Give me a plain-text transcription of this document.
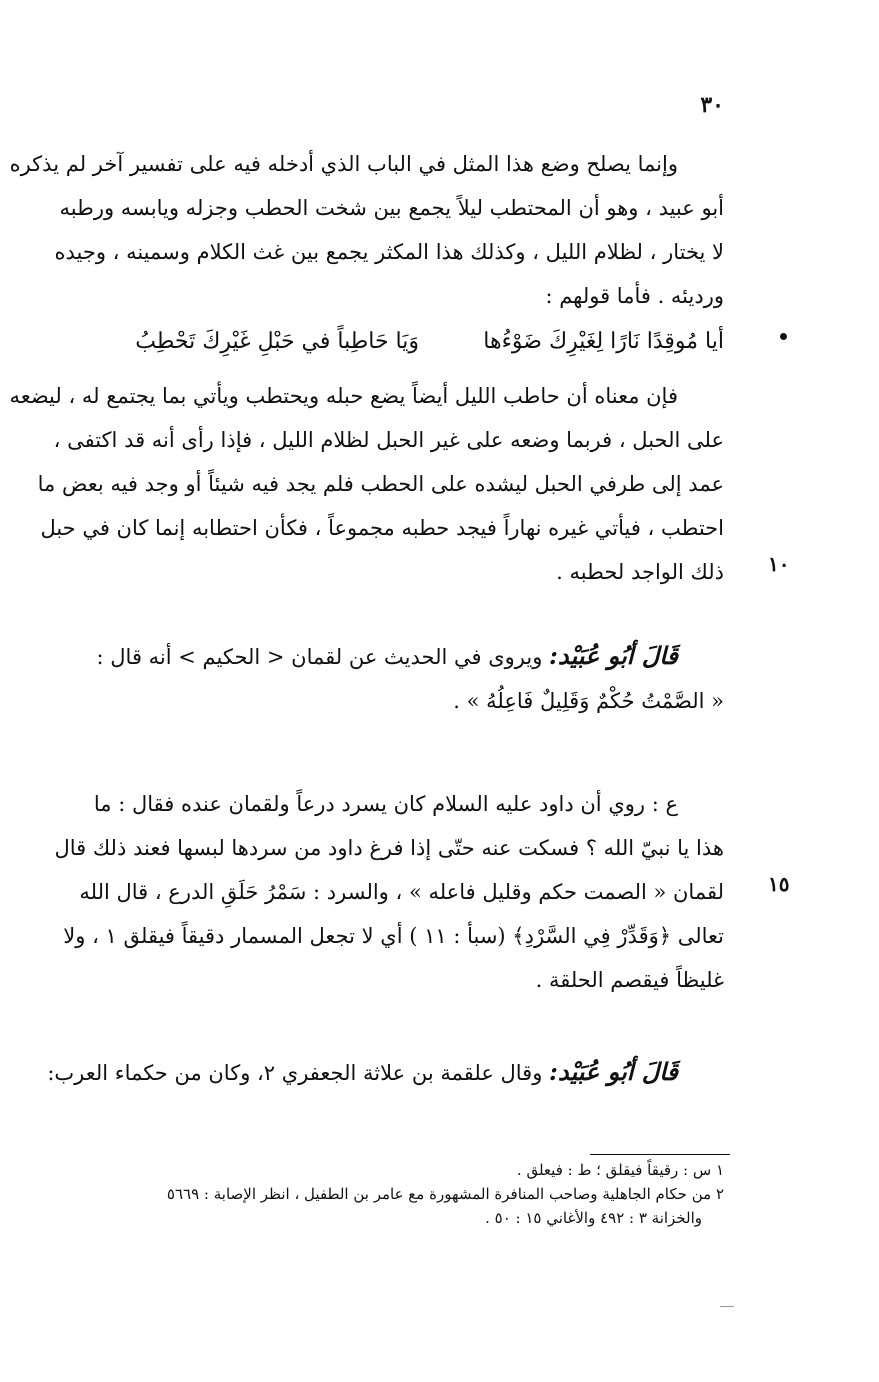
٣٠
وإنما يصلح وضع هذا المثل في الباب الذي أدخله فيه على تفسير آخر لم يذكره
أبو عبيد ، وهو أن المحتطب ليلاً يجمع بين شخت الحطب وجزله ويابسه ورطبه
لا يختار ، لظلام الليل ، وكذلك هذا المكثر يجمع بين غث الكلام وسمينه ، وجيده
ورديئه . فأما قولهم :
أيا مُوقِدًا نَارًا لِغَيْرِكَ ضَوْءُها
وَيَا حَاطِباً في حَبْلِ غَيْرِكَ تَحْطِبُ
فإن معناه أن حاطب الليل أيضاً يضع حبله ويحتطب ويأتي بما يجتمع له ، ليضعه
على الحبل ، فربما وضعه على غير الحبل لظلام الليل ، فإذا رأى أنه قد اكتفى ،
عمد إلى طرفي الحبل ليشده على الحطب فلم يجد فيه شيئاً أو وجد فيه بعض ما
احتطب ، فيأتي غيره نهاراً فيجد حطبه مجموعاً ، فكأن احتطابه إنما كان في حبل
ذلك الواجد لحطبه . ١٠
قَالَ أبُو عُبَيْد: ويروى في الحديث عن لقمان < الحكيم > أنه قال :
« الصَّمْتُ حُكْمٌ وَقَلِيلٌ فَاعِلُهُ » .
ع : روي أن داود عليه السلام كان يسرد درعاً ولقمان عنده فقال : ما
هذا يا نبيّ الله ؟ فسكت عنه حتّى إذا فرغ داود من سردها لبسها فعند ذلك قال
لقمان « الصمت حكم وقليل فاعله » ، والسرد : سَمْرُ حَلَقِ الدرع ، قال الله
تعالى ﴿وَقَدِّرْ فِي السَّرْدِ﴾ (سبأ : ١١ ) أي لا تجعل المسمار دقيقاً فيقلق ١ ، ولا
غليظاً فيقصم الحلقة .
١٥
قَالَ أبُو عُبَيْد: وقال علقمة بن علاثة الجعفري ٢، وكان من حكماء العرب:
١ س : رقيقاً فيقلق ؛ ط : فيعلق .
٢ من حكام الجاهلية وصاحب المنافرة المشهورة مع عامر بن الطفيل ، انظر الإصابة : ٥٦٦٩
والخزانة ٣ : ٤٩٢ والأغاني ١٥ : ٥٠ .
